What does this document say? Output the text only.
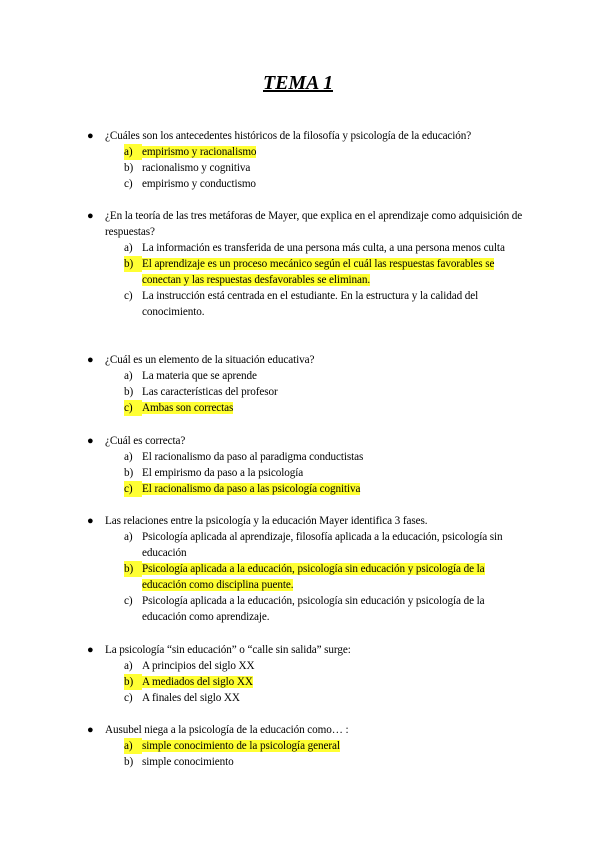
TEMA 1
● ¿Cuáles son los antecedentes históricos de la filosofía y psicología de la educación?
a) empirismo y racionalismo
b) racionalismo y cognitiva
c) empirismo y conductismo
● ¿En la teoría de las tres metáforas de Mayer, que explica en el aprendizaje como adquisición de respuestas?
a) La información es transferida de una persona más culta, a una persona menos culta
b) El aprendizaje es un proceso mecánico según el cuál las respuestas favorables se conectan y las respuestas desfavorables se eliminan.
c) La instrucción está centrada en el estudiante. En la estructura y la calidad del conocimiento.
● ¿Cuál es un elemento de la situación educativa?
a) La materia que se aprende
b) Las características del profesor
c) Ambas son correctas
● ¿Cuál es correcta?
a) El racionalismo da paso al paradigma conductistas
b) El empirismo da paso a la psicología
c) El racionalismo da paso a las psicología cognitiva
● Las relaciones entre la psicología y la educación Mayer identifica 3 fases.
a) Psicología aplicada al aprendizaje, filosofía aplicada a la educación, psicología sin educación
b) Psicología aplicada a la educación, psicología sin educación y psicología de la educación como disciplina puente.
c) Psicología aplicada a la educación, psicología sin educación y psicología de la educación como aprendizaje.
● La psicología “sin educación” o “calle sin salida” surge:
a) A principios del siglo XX
b) A mediados del siglo XX
c) A finales del siglo XX
● Ausubel niega a la psicología de la educación como… :
a) simple conocimiento de la psicología general
b) simple conocimiento
